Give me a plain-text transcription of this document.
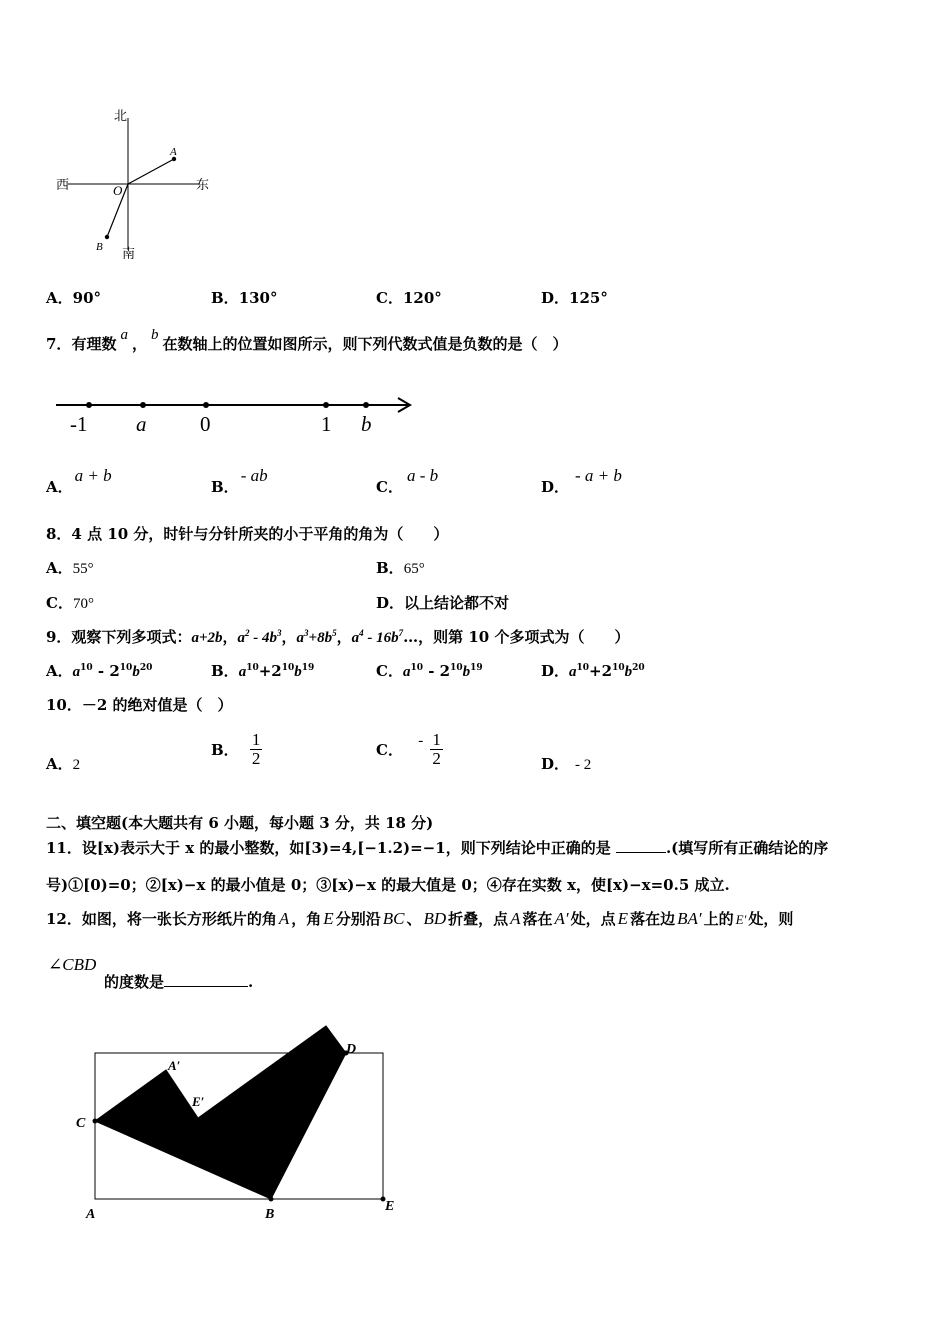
北
南
西	东
O
A
B
A．90°	B．130°	C．120°	D．125°
7．有理数 a ， b 在数轴上的位置如图所示，则下列代数式值是负数的是（　）
-1 a	0	1 b
A．a + b
B．- ab
C．a - b
D．- a + b
8．4 点 10 分，时针与分针所夹的小于平角的角为（　　）
A．55°	B．65°
C．70°	D．以上结论都不对
9．观察下列多项式：a+2b，$a^2 - 4b^3$，$a^3+8b^5$，$a^4$ - $16b^7\dots$，则第 10 个多项式为（　　）
A．$a^{10} - 2^{10}b^{20}$	B．$a^{10}+2^{10}b^{19}$	C．$a^{10} - 2^{10}b^{19}$	D．$a^{10}+2^{10}b^{20}$
10．－2 的绝对值是（　）
A．2
B． $\frac{1}{2}$	C． - $\frac{1}{2}$	D． - 2
二、填空题(本大题共有 6 小题，每小题 3 分，共 18 分)
11．设[x)表示大于 x 的最小整数，如[3)=4,[−1.2)=−1，则下列结论中正确的是	.(填写所有正确结论的序
号)①[0)=0；②[x)−x 的最小值是 0；③[x)−x 的最大值是 0；④存在实数 x，使[x)−x=0.5 成立.
12．如图，将一张长方形纸片的角 A ，角 E 分别沿 BC 、 BD 折叠，点 A 落在 A′ 处，点 E 落在边 BA′ 上的 E′ 处，则
∠CBD
的度数是	.
A	B
C
D
E
A′
E′
